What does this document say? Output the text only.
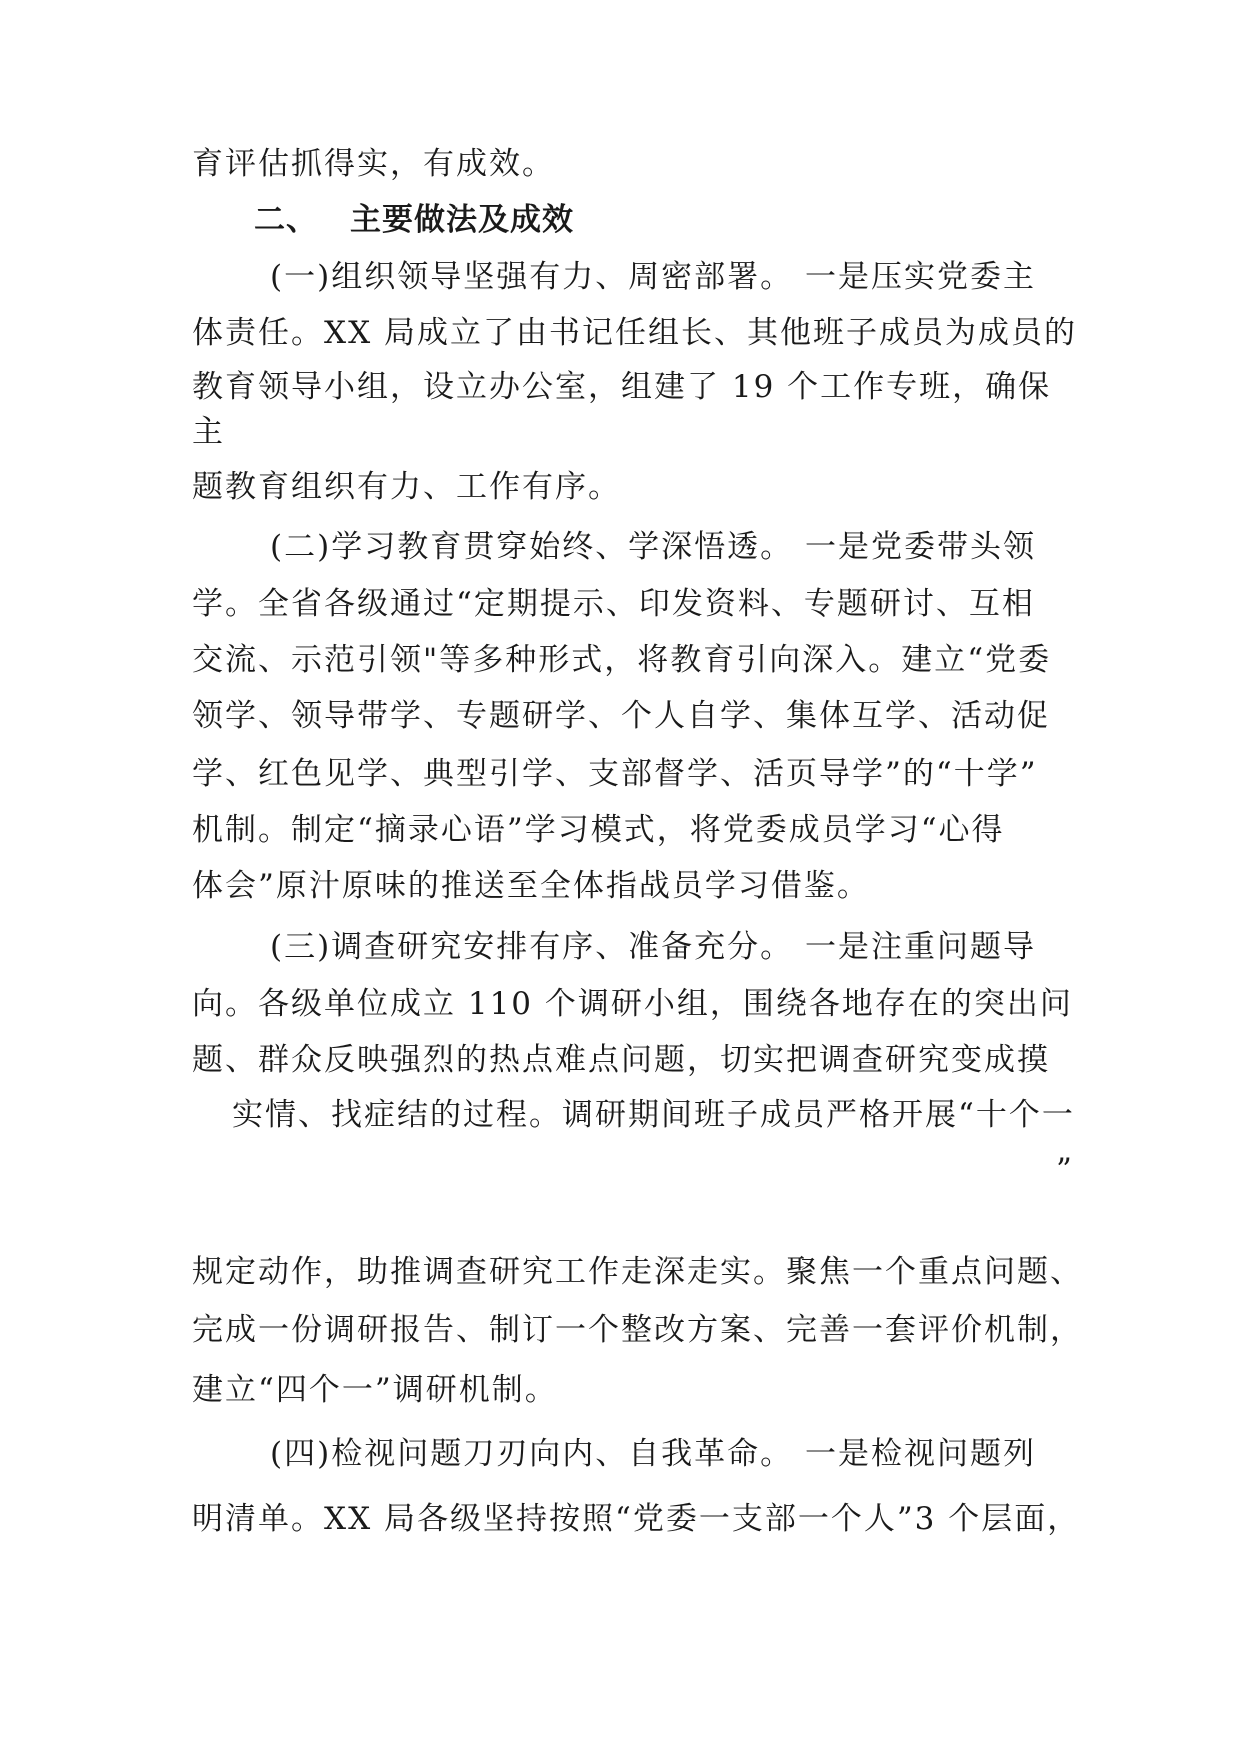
育评估抓得实，有成效。
二、 主要做法及成效
(一)组织领导坚强有力、周密部署。 一是压实党委主
体责任。XX 局成立了由书记任组长、其他班子成员为成员的
教育领导小组，设立办公室，组建了 19 个工作专班，确保
主
题教育组织有力、工作有序。
(二)学习教育贯穿始终、学深悟透。 一是党委带头领
学。全省各级通过“定期提示、印发资料、专题研讨、互相
交流、示范引领"等多种形式，将教育引向深入。建立“党委
领学、领导带学、专题研学、个人自学、集体互学、活动促
学、红色见学、典型引学、支部督学、活页导学”的“十学”
机制。制定“摘录心语”学习模式，将党委成员学习“心得
体会”原汁原味的推送至全体指战员学习借鉴。
(三)调查研究安排有序、准备充分。 一是注重问题导
向。各级单位成立 110 个调研小组，围绕各地存在的突出问
题、群众反映强烈的热点难点问题，切实把调查研究变成摸
实情、找症结的过程。调研期间班子成员严格开展“十个一
”
规定动作，助推调查研究工作走深走实。聚焦一个重点问题、
完成一份调研报告、制订一个整改方案、完善一套评价机制，
建立“四个一”调研机制。
(四)检视问题刀刃向内、自我革命。 一是检视问题列
明清单。XX 局各级坚持按照“党委一支部一个人”3 个层面，
